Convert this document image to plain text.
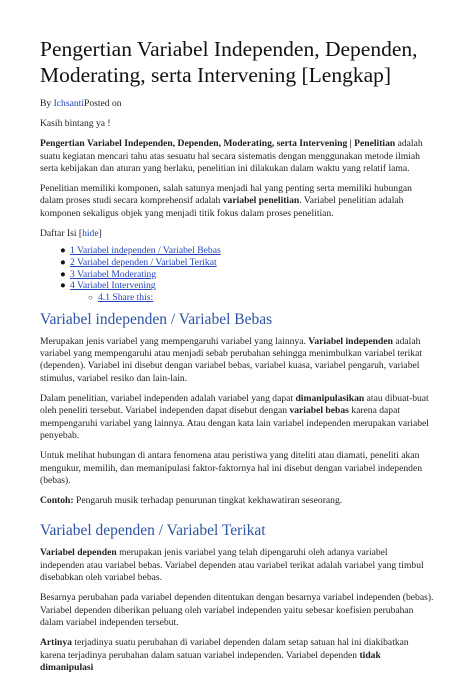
Pengertian Variabel Independen, Dependen, Moderating, serta Intervening [Lengkap]
By IchsantiPosted on

Kasih bintang ya !

Pengertian Variabel Independen, Dependen, Moderating, serta Intervening | Penelitian adalah suatu kegiatan mencari tahu atas sesuatu hal secara sistematis dengan menggunakan metode ilmiah serta kebijakan dan aturan yang berlaku, penelitian ini dilakukan dalam waktu yang relatif lama.

Penelitian memiliki komponen, salah satunya menjadi hal yang penting serta memiliki hubungan dalam proses studi secara komprehensif adalah variabel penelitian. Variabel penelitian adalah komponen sekaligus objek yang menjadi titik fokus dalam proses penelitian.

Daftar Isi [hide]

● 1 Variabel independen / Variabel Bebas
● 2 Variabel dependen / Variabel Terikat
● 3 Variabel Moderating
● 4 Variabel Intervening
○ 4.1 Share this:
Variabel independen / Variabel Bebas

Merupakan jenis variabel yang mempengaruhi variabel yang lainnya. Variabel independen adalah variabel yang mempengaruhi atau menjadi sebab perubahan sehingga menimbulkan variabel terikat (dependen). Variabel ini disebut dengan variabel bebas, variabel kuasa, variabel pengaruh, variabel stimulus, variabel resiko dan lain-lain.

Dalam penelitian, variabel independen adalah variabel yang dapat dimanipulasikan atau dibuat-buat oleh peneliti tersebut. Variabel independen dapat disebut dengan variabel bebas karena dapat mempengaruhi variabel yang lainnya. Atau dengan kata lain variabel independen merupakan variabel penyebab.

Untuk melihat hubungan di antara fenomena atau peristiwa yang diteliti atau diamati, peneliti akan mengukur, memilih, dan memanipulasi faktor-faktornya hal ini disebut dengan variabel independen (bebas).

Contoh: Pengaruh musik terhadap penurunan tingkat kekhawatiran seseorang.

Variabel dependen / Variabel Terikat

Variabel dependen merupakan jenis variabel yang telah dipengaruhi oleh adanya variabel independen atau variabel bebas. Variabel dependen atau variabel terikat adalah variabel yang timbul disebabkan oleh variabel bebas.

Besarnya perubahan pada variabel dependen ditentukan dengan besarnya variabel independen (bebas). Variabel dependen diberikan peluang oleh variabel independen yaitu sebesar koefisien perubahan dalam variabel independen tersebut.

Artinya terjadinya suatu perubahan di variabel dependen dalam setap satuan hal ini diakibatkan karena terjadinya perubahan dalam satuan variabel independen. Variabel dependen tidak dimanipulasi
